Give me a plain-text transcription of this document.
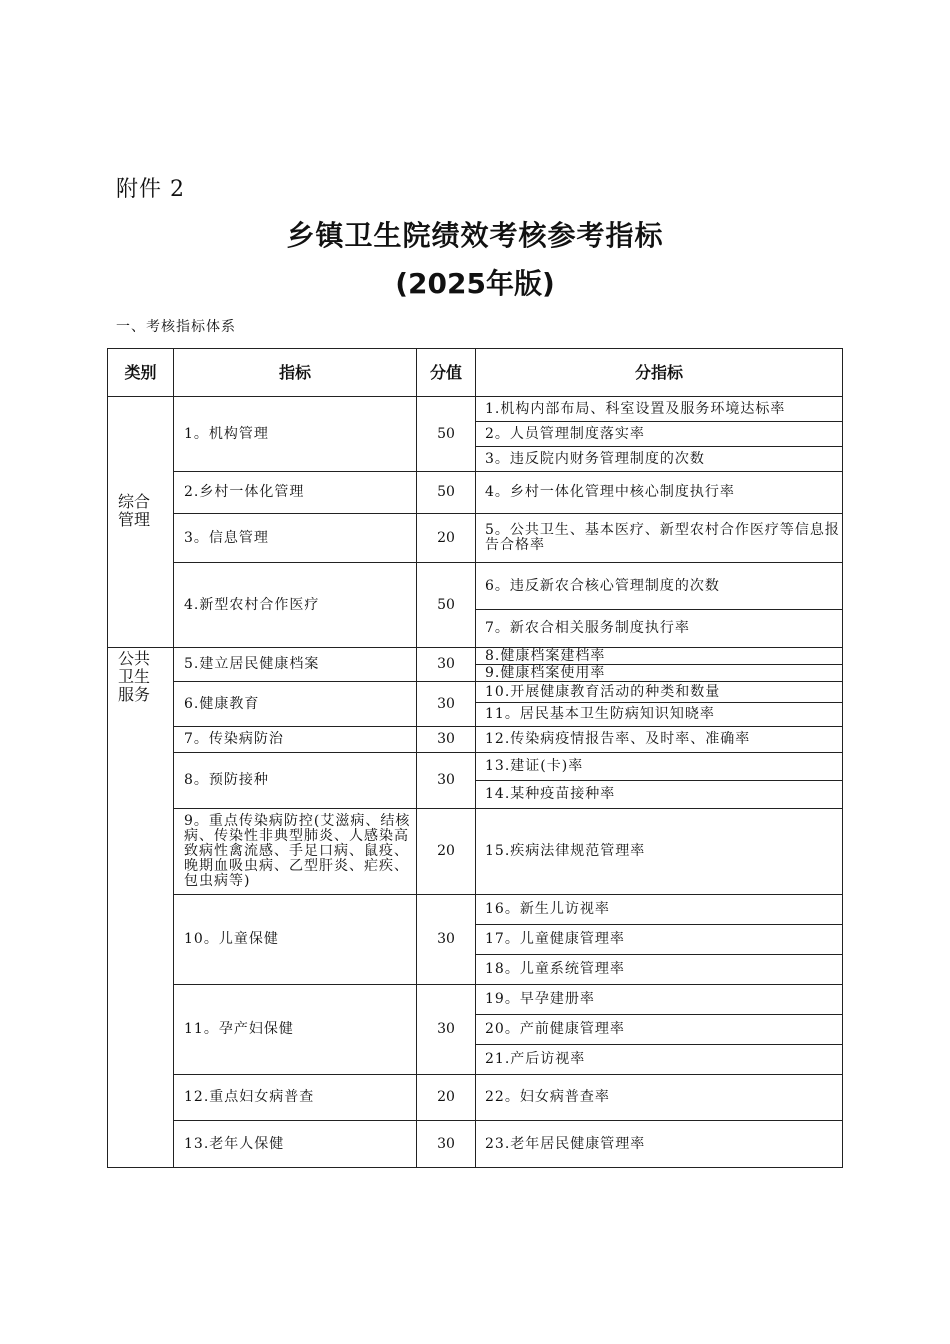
附件 2
乡镇卫生院绩效考核参考指标
(2025年版)
一、考核指标体系
类别	指标	分值	分指标

综合管理	1。机构管理	50	1.机构内部布局、科室设置及服务环境达标率
			2。人员管理制度落实率
			3。违反院内财务管理制度的次数
	2.乡村一体化管理	50	4。乡村一体化管理中核心制度执行率
	3。信息管理	20	5。公共卫生、基本医疗、新型农村合作医疗等信息报告合格率
	4.新型农村合作医疗	50	6。违反新农合核心管理制度的次数
			7。新农合相关服务制度执行率

公共卫生服务	5.建立居民健康档案	30	8.健康档案建档率
			9.健康档案使用率
	6.健康教育	30	10.开展健康教育活动的种类和数量
			11。居民基本卫生防病知识知晓率
	7。传染病防治	30	12.传染病疫情报告率、及时率、准确率
	8。预防接种	30	13.建证(卡)率
			14.某种疫苗接种率
	9。重点传染病防控(艾滋病、结核病、传染性非典型肺炎、人感染高致病性禽流感、手足口病、鼠疫、晚期血吸虫病、乙型肝炎、疟疾、包虫病等)	20	15.疾病法律规范管理率
	10。儿童保健	30	16。新生儿访视率
			17。儿童健康管理率
			18。儿童系统管理率
	11。孕产妇保健	30	19。早孕建册率
			20。产前健康管理率
			21.产后访视率
	12.重点妇女病普查	20	22。妇女病普查率
	13.老年人保健	30	23.老年居民健康管理率
